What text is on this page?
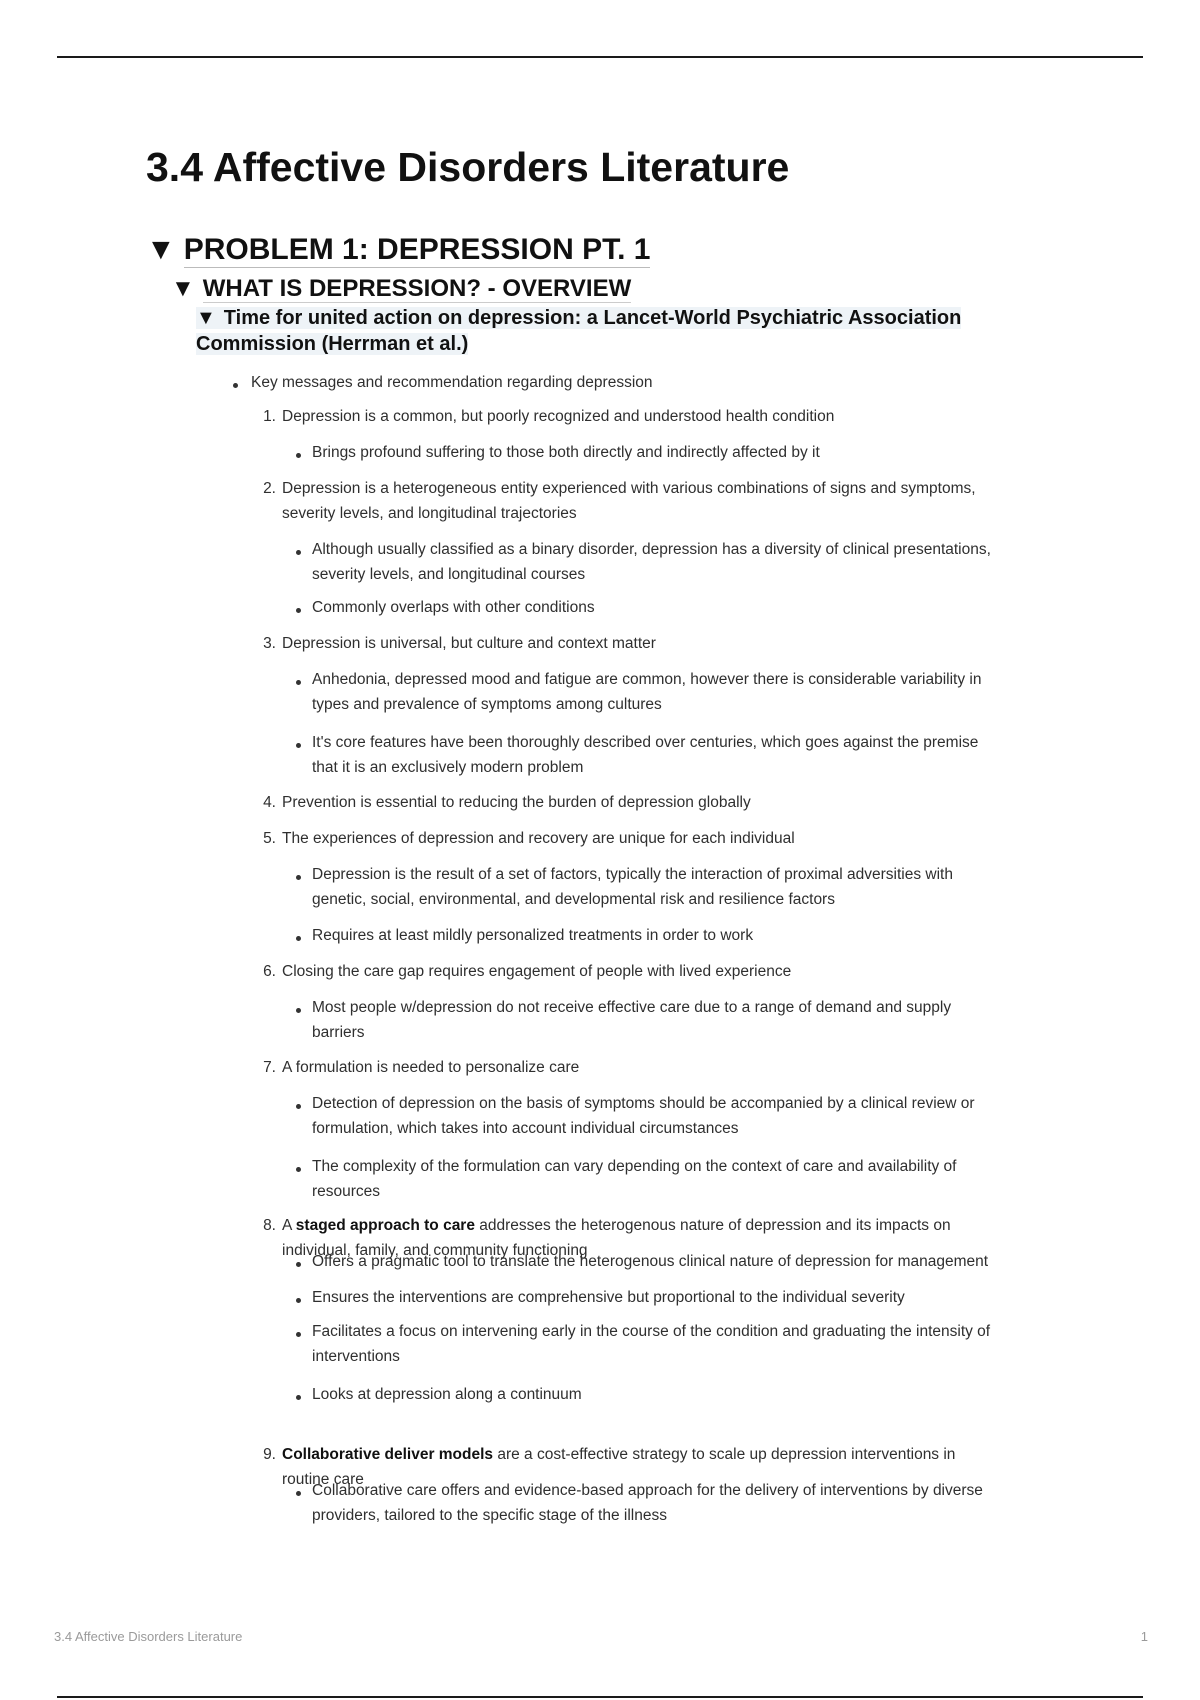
3.4 Affective Disorders Literature
▼ PROBLEM 1: DEPRESSION PT. 1
▼ WHAT IS DEPRESSION? - OVERVIEW
▼ Time for united action on depression: a Lancet-World Psychiatric Association
Commission (Herrman et al.)
Key messages and recommendation regarding depression
1. Depression is a common, but poorly recognized and understood health condition
Brings profound suffering to those both directly and indirectly affected by it
2. Depression is a heterogeneous entity experienced with various combinations of signs and symptoms,
severity levels, and longitudinal trajectories
Although usually classified as a binary disorder, depression has a diversity of clinical presentations,
severity levels, and longitudinal courses
Commonly overlaps with other conditions
3. Depression is universal, but culture and context matter
Anhedonia, depressed mood and fatigue are common, however there is considerable variability in
types and prevalence of symptoms among cultures
It's core features have been thoroughly described over centuries, which goes against the premise
that it is an exclusively modern problem
4. Prevention is essential to reducing the burden of depression globally
5. The experiences of depression and recovery are unique for each individual
Depression is the result of a set of factors, typically the interaction of proximal adversities with
genetic, social, environmental, and developmental risk and resilience factors
Requires at least mildly personalized treatments in order to work
6. Closing the care gap requires engagement of people with lived experience
Most people w/depression do not receive effective care due to a range of demand and supply
barriers
7. A formulation is needed to personalize care
Detection of depression on the basis of symptoms should be accompanied by a clinical review or
formulation, which takes into account individual circumstances
The complexity of the formulation can vary depending on the context of care and availability of
resources
8. A staged approach to care addresses the heterogenous nature of depression and its impacts on
individual, family, and community functioning
Offers a pragmatic tool to translate the heterogenous clinical nature of depression for management
Ensures the interventions are comprehensive but proportional to the individual severity
Facilitates a focus on intervening early in the course of the condition and graduating the intensity of
interventions
Looks at depression along a continuum
9. Collaborative deliver models are a cost-effective strategy to scale up depression interventions in
routine care
Collaborative care offers and evidence-based approach for the delivery of interventions by diverse
providers, tailored to the specific stage of the illness
3.4 Affective Disorders Literature	1
